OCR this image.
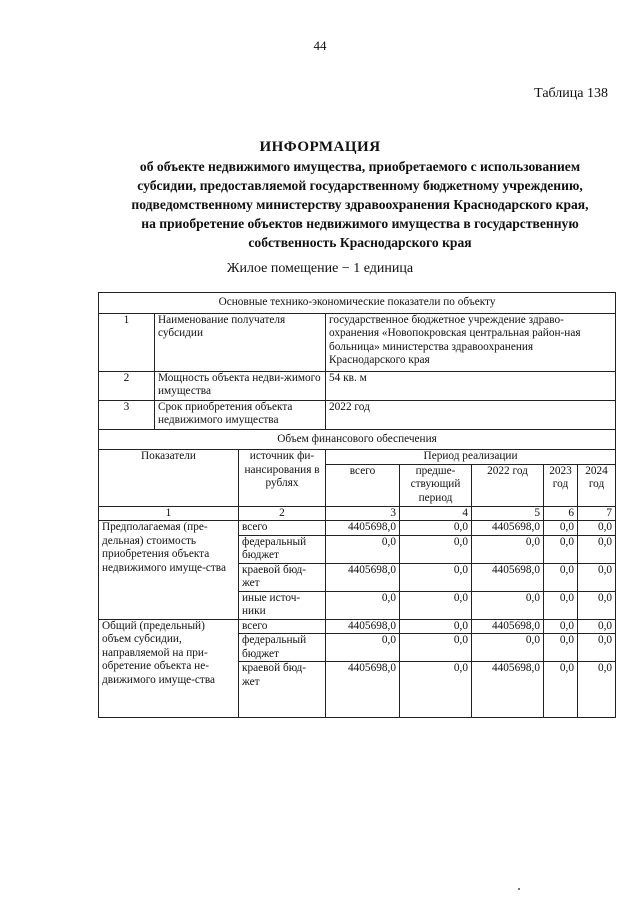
44
Таблица 138
ИНФОРМАЦИЯ
об объекте недвижимого имущества, приобретаемого с использованием
субсидии, предоставляемой государственному бюджетному учреждению,
подведомственному министерству здравоохранения Краснодарского края,
на приобретение объектов недвижимого имущества в государственную
собственность Краснодарского края
Жилое помещение − 1 единица
Основные технико-экономические показатели по объекту							
1	Наименование получателя субсидии		государственное бюджетное учреждение здраво-охранения «Новопокровская центральная район-ная больница» министерства здравоохранения Краснодарского края				
2	Мощность объекта недви-жимого имущества		54 кв. м				
3	Срок приобретения объекта недвижимого имущества		2022 год				
Объем финансового обеспечения							
Показатели		источник фи-нансирования в рублях	Период реализации				
			всего	предше-ствующий период	2022 год	2023 год	2024 год
1		2	3	4	5	6	7
Предполагаемая (пре-дельная) стоимость приобретения объекта недвижимого имуще-ства		всего	4405698,0	0,0	4405698,0	0,0	0,0
		федеральный бюджет	0,0	0,0	0,0	0,0	0,0
		краевой бюд-жет	4405698,0	0,0	4405698,0	0,0	0,0
		иные источ-ники	0,0	0,0	0,0	0,0	0,0
Общий (предельный) объем субсидии, направляемой на при-обретение объекта не-движимого имуще-ства		всего	4405698,0	0,0	4405698,0	0,0	0,0
		федеральный бюджет	0,0	0,0	0,0	0,0	0,0
		краевой бюд-жет	4405698,0	0,0	4405698,0	0,0	0,0
